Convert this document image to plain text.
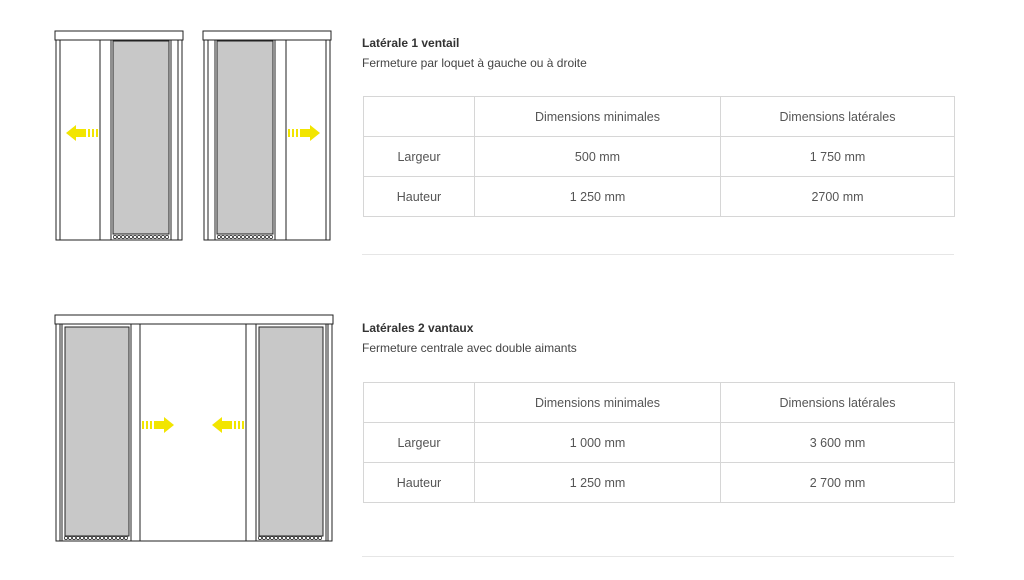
Latérale 1 ventail
Fermeture par loquet à gauche ou à droite
	Dimensions minimales	Dimensions latérales
Largeur	500 mm	1 750 mm
Hauteur	1 250 mm	2700 mm
Latérales 2 vantaux
Fermeture centrale avec double aimants
	Dimensions minimales	Dimensions latérales
Largeur	1 000 mm	3 600 mm
Hauteur	1 250 mm	2 700 mm
